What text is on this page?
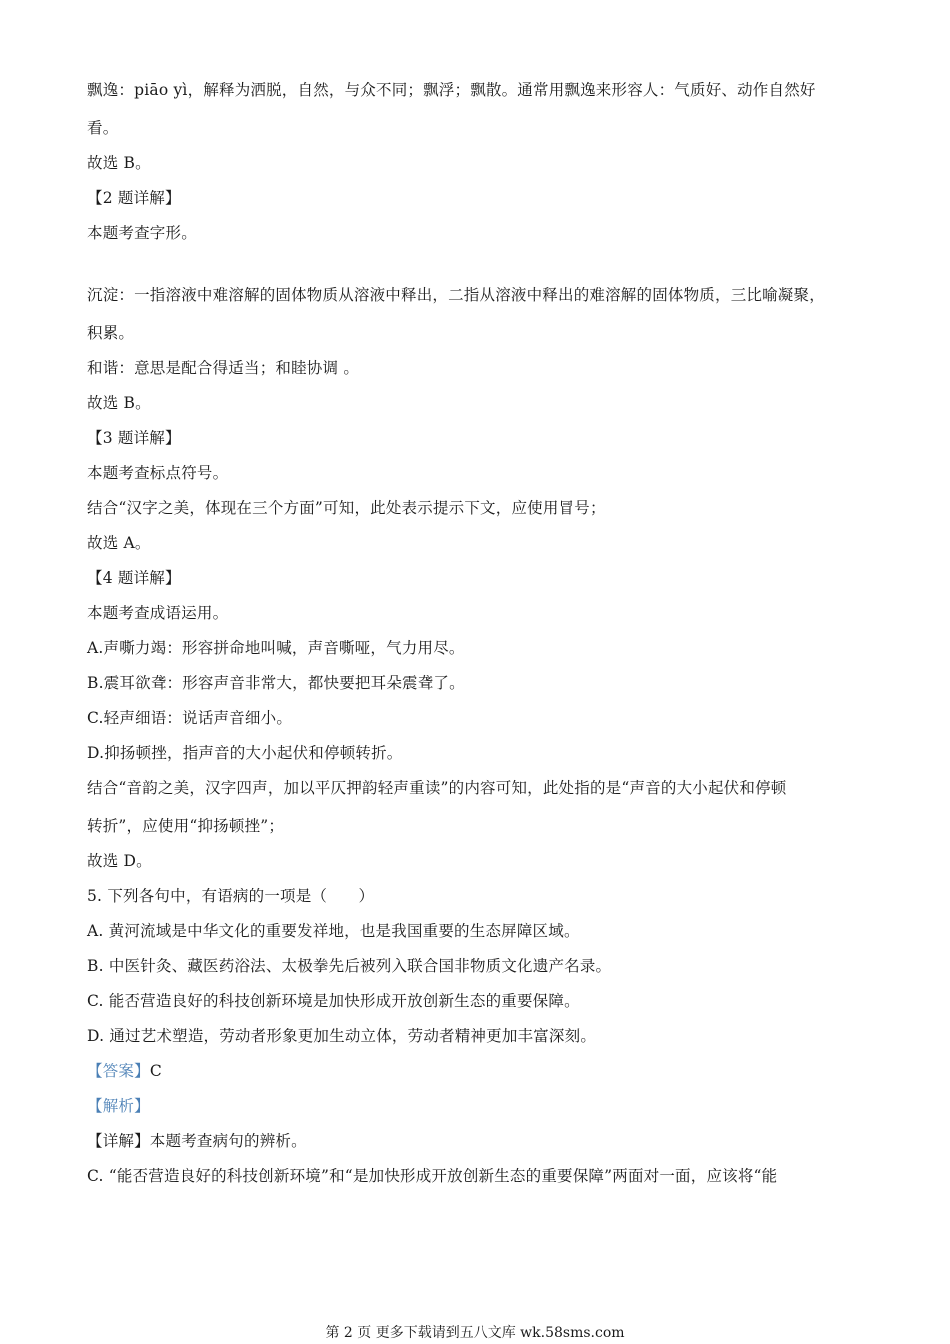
飘逸：piāo yì，解释为洒脱，自然，与众不同；飘浮；飘散。通常用飘逸来形容人：气质好、动作自然好
看。
故选 B。
【2 题详解】
本题考查字形。
沉淀：一指溶液中难溶解的固体物质从溶液中释出，二指从溶液中释出的难溶解的固体物质，三比喻凝聚，
积累。
和谐：意思是配合得适当；和睦协调 。
故选 B。
【3 题详解】
本题考查标点符号。
结合“汉字之美，体现在三个方面”可知，此处表示提示下文，应使用冒号；
故选 A。
【4 题详解】
本题考查成语运用。
A.声嘶力竭：形容拼命地叫喊，声音嘶哑，气力用尽。
B.震耳欲聋：形容声音非常大，都快要把耳朵震聋了。
C.轻声细语：说话声音细小。
D.抑扬顿挫，指声音的大小起伏和停顿转折。
结合“音韵之美，汉字四声，加以平仄押韵轻声重读”的内容可知，此处指的是“声音的大小起伏和停顿
转折”，应使用“抑扬顿挫”；
故选 D。
5. 下列各句中，有语病的一项是（　　）
A. 黄河流域是中华文化的重要发祥地，也是我国重要的生态屏障区域。
B. 中医针灸、藏医药浴法、太极拳先后被列入联合国非物质文化遗产名录。
C. 能否营造良好的科技创新环境是加快形成开放创新生态的重要保障。
D. 通过艺术塑造，劳动者形象更加生动立体，劳动者精神更加丰富深刻。
【答案】C
【解析】
【详解】本题考查病句的辨析。
C. “能否营造良好的科技创新环境”和“是加快形成开放创新生态的重要保障”两面对一面，应该将“能
第 2 页 更多下载请到五八文库 wk.58sms.com
